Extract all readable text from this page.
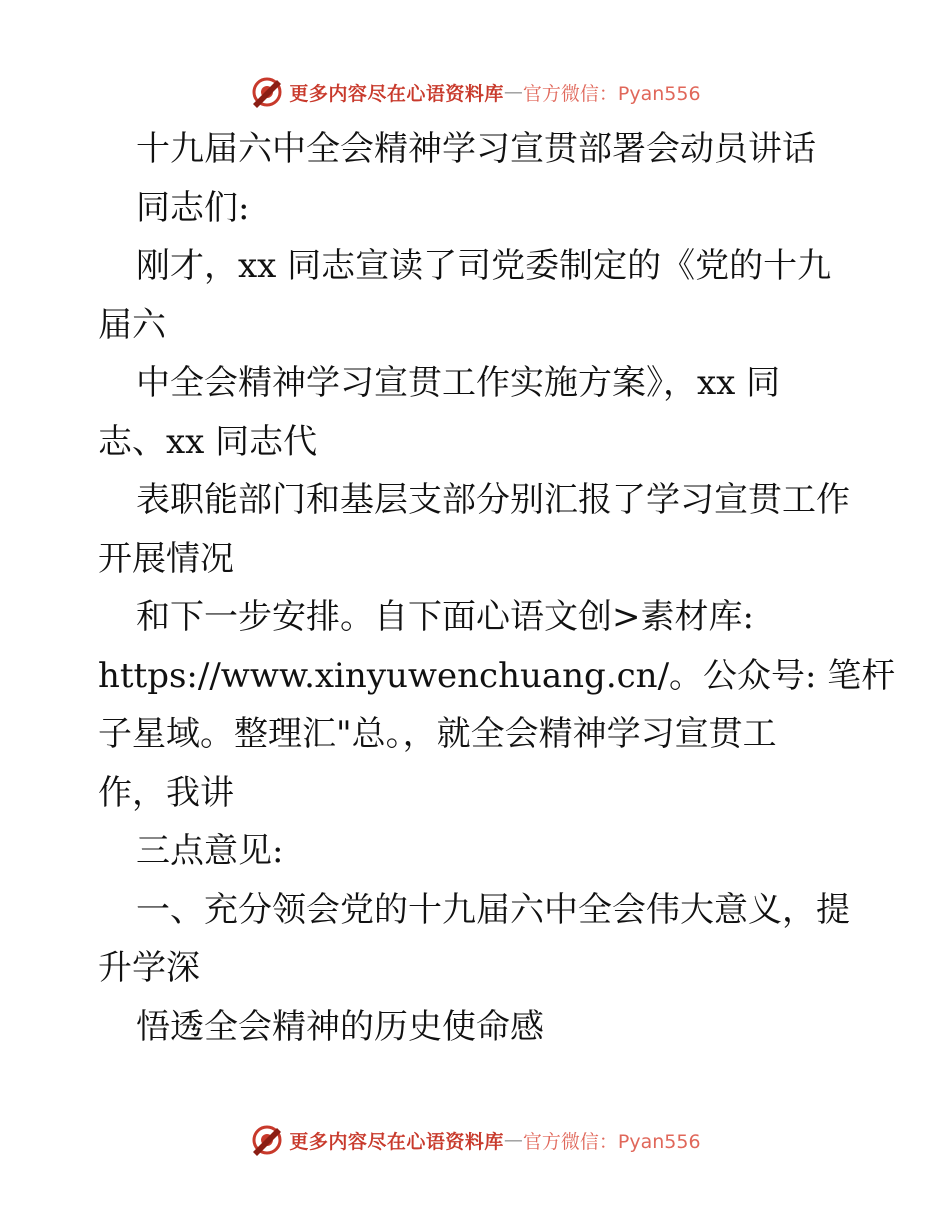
更多内容尽在心语资料库 — 官方微信：Pyan556
十九届六中全会精神学习宣贯部署会动员讲话
同志们:
刚才，xx 同志宣读了司党委制定的《党的十九
届六
中全会精神学习宣贯工作实施方案》，xx 同
志、xx 同志代
表职能部门和基层支部分别汇报了学习宣贯工作
开展情况
和下一步安排。自下面心语文创>素材库:
https://www.xinyuwenchuang.cn/。公众号: 笔杆
子星域。整理汇"总。，就全会精神学习宣贯工
作，我讲
三点意见:
一、充分领会党的十九届六中全会伟大意义，提
升学深
悟透全会精神的历史使命感
更多内容尽在心语资料库 — 官方微信：Pyan556
